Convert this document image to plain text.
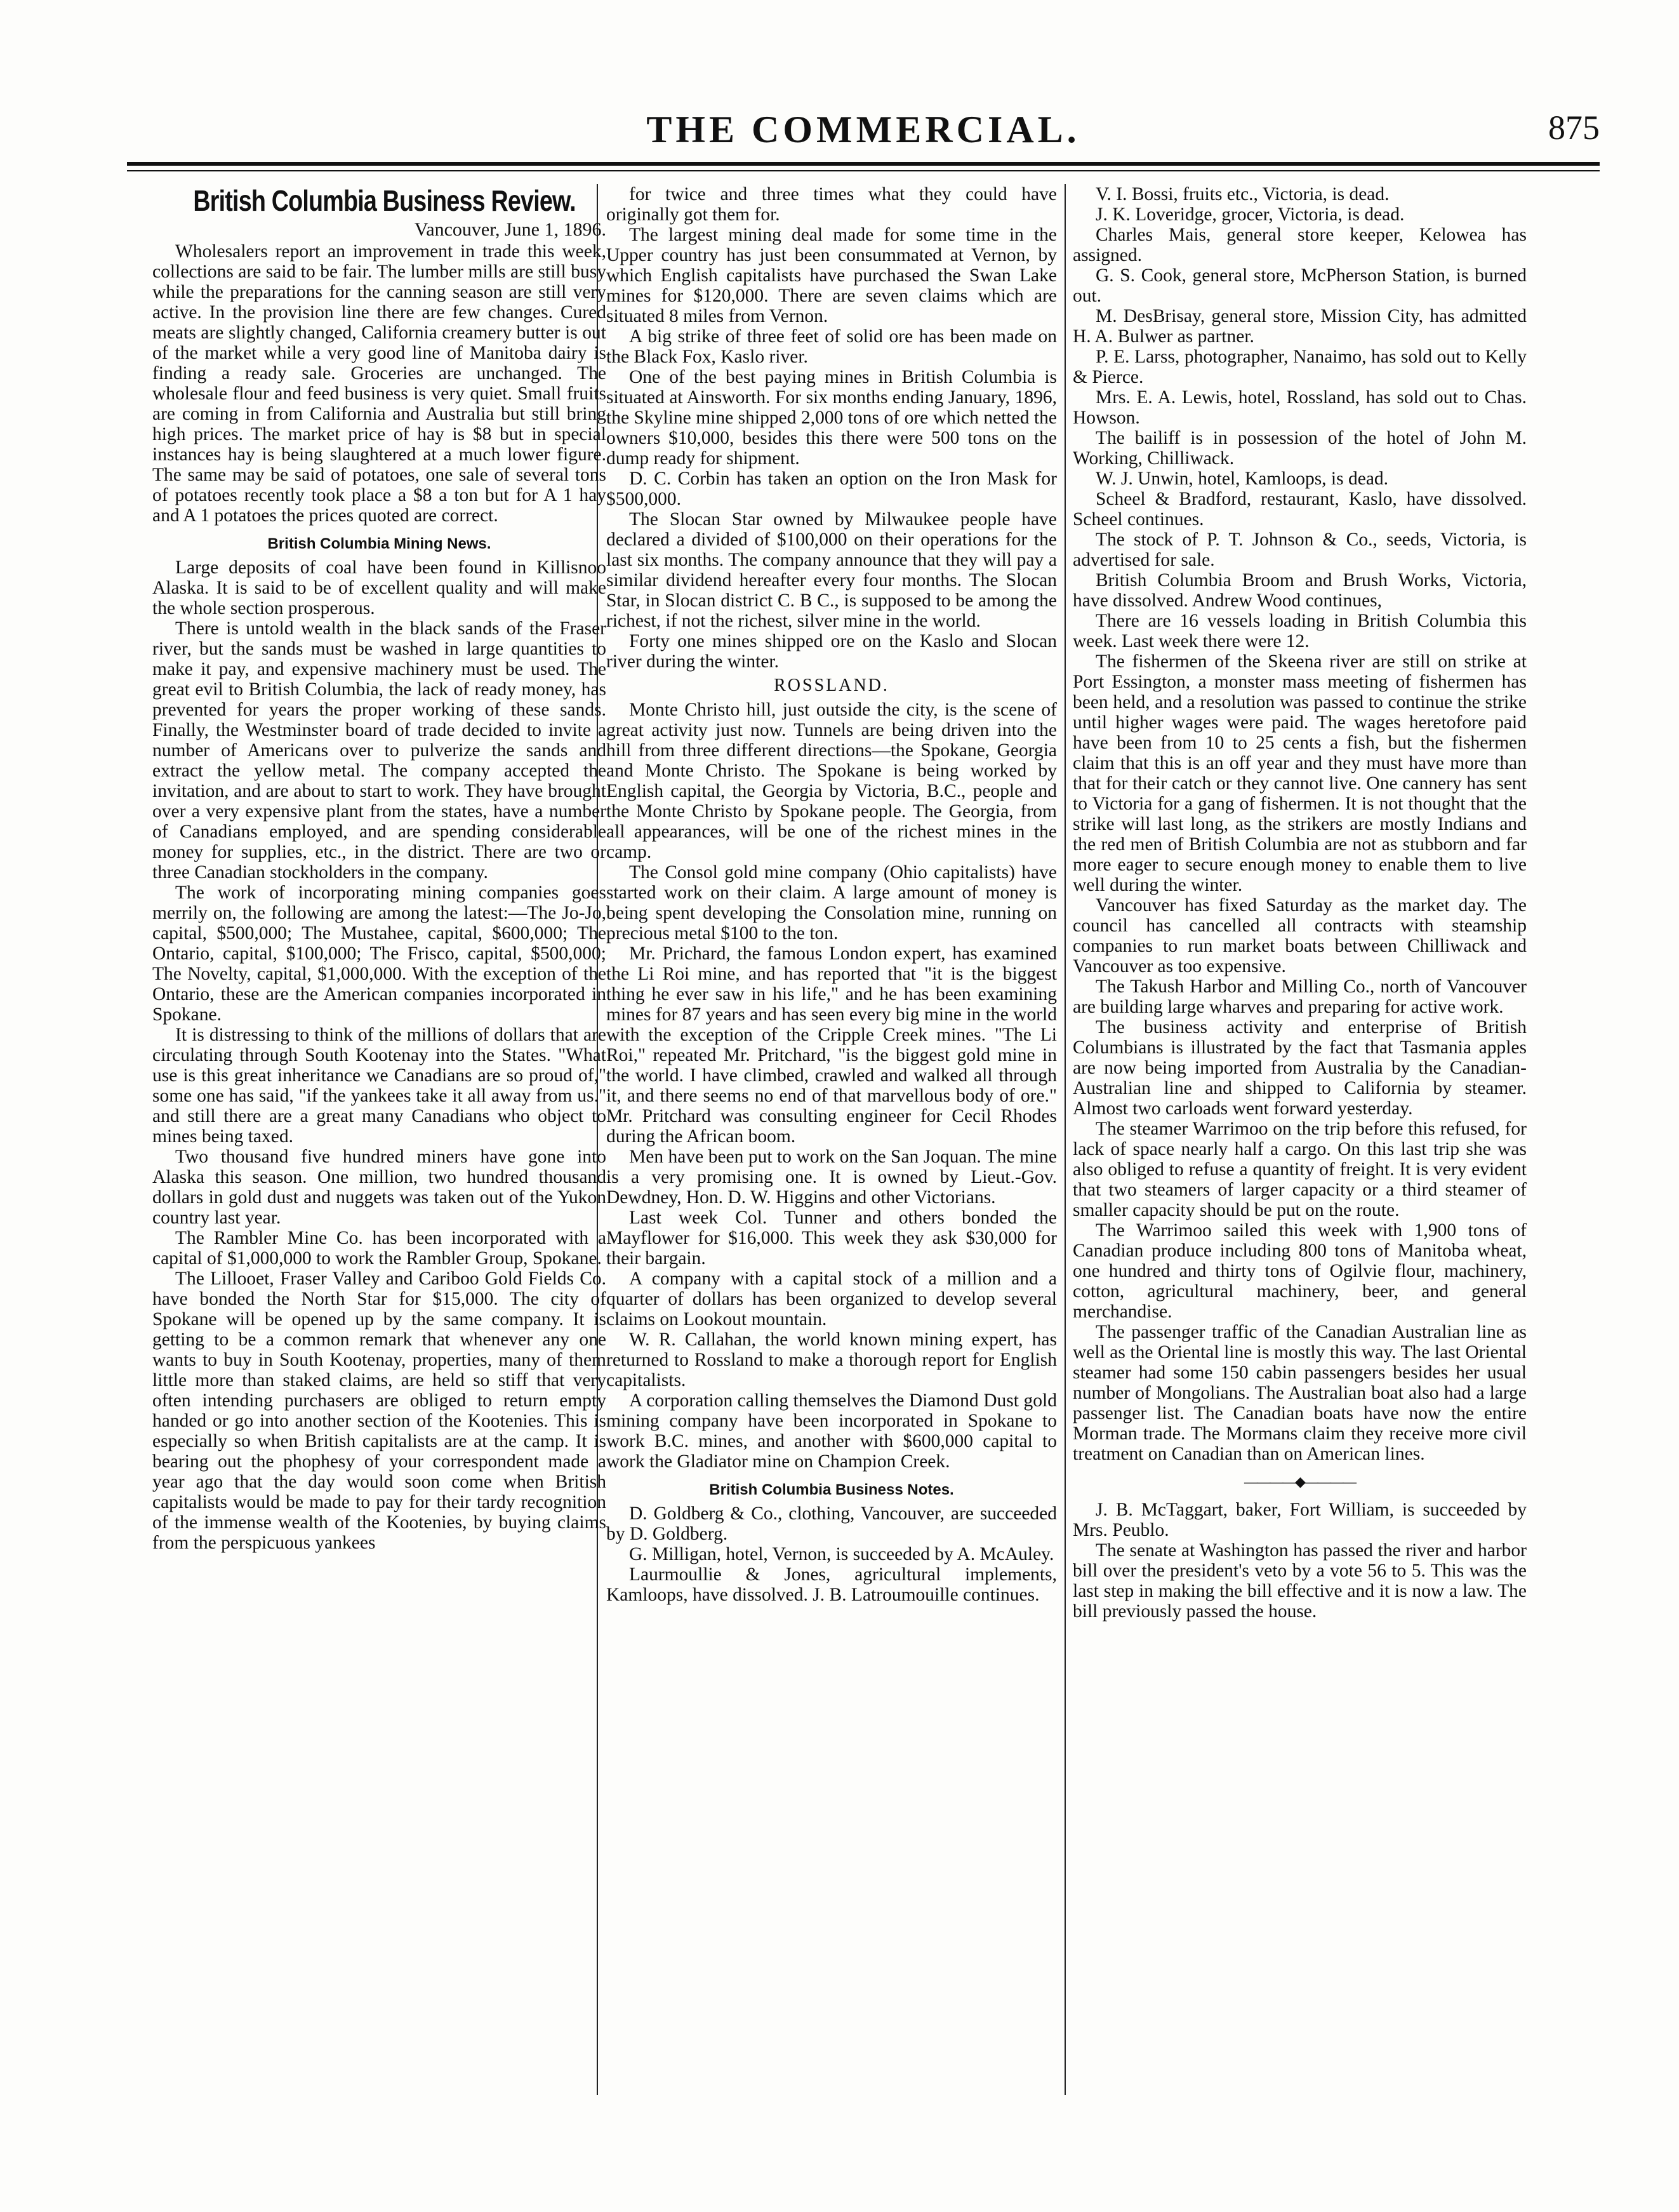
THE COMMERCIAL.	875
British Columbia Business Review.
Vancouver, June 1, 1896.

Wholesalers report an improvement in trade this week, collections are said to be fair. The lumber mills are still busy while the preparations for the canning season are still very active. In the provision line there are few changes. Cured meats are slightly changed, California creamery butter is out of the market while a very good line of Manitoba dairy is finding a ready sale. Groceries are unchanged. The wholesale flour and feed business is very quiet. Small fruits are coming in from California and Australia but still bring high prices. The market price of hay is $8 but in special instances hay is being slaughtered at a much lower figure. The same may be said of potatoes, one sale of several tons of potatoes recently took place a $8 a ton but for A 1 hay and A 1 potatoes the prices quoted are correct.

British Columbia Mining News.

Large deposits of coal have been found in Killisnoo Alaska. It is said to be of excellent quality and will make the whole section prosperous.

There is untold wealth in the black sands of the Fraser river, but the sands must be washed in large quantities to make it pay, and expensive machinery must be used. The great evil to British Columbia, the lack of ready money, has prevented for years the proper working of these sands. Finally, the Westminster board of trade decided to invite a number of Americans over to pulverize the sands and extract the yellow metal. The company accepted the invitation, and are about to start to work. They have brought over a very expensive plant from the states, have a number of Canadians employed, and are spending considerable money for supplies, etc., in the district. There are two or three Canadian stockholders in the company.

The work of incorporating mining companies goes merrily on, the following are among the latest:—The Jo-Jo, capital, $500,000; The Mustahee, capital, $600,000; The Ontario, capital, $100,000; The Frisco, capital, $500,000; The Novelty, capital, $1,000,000. With the exception of the Ontario, these are the American companies incorporated in Spokane.

It is distressing to think of the millions of dollars that are circulating through South Kootenay into the States. "What use is this great inheritance we Canadians are so proud of," some one has said, "if the yankees take it all away from us." and still there are a great many Canadians who object to mines being taxed.

Two thousand five hundred miners have gone into Alaska this season. One million, two hundred thousand dollars in gold dust and nuggets was taken out of the Yukon country last year.

The Rambler Mine Co. has been incorporated with a capital of $1,000,000 to work the Rambler Group, Spokane.

The Lillooet, Fraser Valley and Cariboo Gold Fields Co. have bonded the North Star for $15,000. The city of Spokane will be opened up by the same company. It is getting to be a common remark that whenever any one wants to buy in South Kootenay, properties, many of them little more than staked claims, are held so stiff that very often intending purchasers are obliged to return empty handed or go into another section of the Kootenies. This is especially so when British capitalists are at the camp. It is bearing out the phophesy of your correspondent made a year ago that the day would soon come when British capitalists would be made to pay for their tardy recognition of the immense wealth of the Kootenies, by buying claims from the perspicuous yankees

for twice and three times what they could have originally got them for.

The largest mining deal made for some time in the Upper country has just been consummated at Vernon, by which English capitalists have purchased the Swan Lake mines for $120,000. There are seven claims which are situated 8 miles from Vernon.

A big strike of three feet of solid ore has been made on the Black Fox, Kaslo river.

One of the best paying mines in British Columbia is situated at Ainsworth. For six months ending January, 1896, the Skyline mine shipped 2,000 tons of ore which netted the owners $10,000, besides this there were 500 tons on the dump ready for shipment.

D. C. Corbin has taken an option on the Iron Mask for $500,000.

The Slocan Star owned by Milwaukee people have declared a divided of $100,000 on their operations for the last six months. The company announce that they will pay a similar dividend hereafter every four months. The Slocan Star, in Slocan district C. B C., is supposed to be among the richest, if not the richest, silver mine in the world.

Forty one mines shipped ore on the Kaslo and Slocan river during the winter.

ROSSLAND.

Monte Christo hill, just outside the city, is the scene of great activity just now. Tunnels are being driven into the hill from three different directions—the Spokane, Georgia and Monte Christo. The Spokane is being worked by English capital, the Georgia by Victoria, B.C., people and the Monte Christo by Spokane people. The Georgia, from all appearances, will be one of the richest mines in the camp.

The Consol gold mine company (Ohio capitalists) have started work on their claim. A large amount of money is being spent developing the Consolation mine, running on precious metal $100 to the ton.

Mr. Prichard, the famous London expert, has examined the Li Roi mine, and has reported that "it is the biggest thing he ever saw in his life," and he has been examining mines for 87 years and has seen every big mine in the world with the exception of the Cripple Creek mines. "The Li Roi," repeated Mr. Pritchard, "is the biggest gold mine in the world. I have climbed, crawled and walked all through it, and there seems no end of that marvellous body of ore." Mr. Pritchard was consulting engineer for Cecil Rhodes during the African boom.

Men have been put to work on the San Joquan. The mine is a very promising one. It is owned by Lieut.-Gov. Dewdney, Hon. D. W. Higgins and other Victorians.

Last week Col. Tunner and others bonded the Mayflower for $16,000. This week they ask $30,000 for their bargain.

A company with a capital stock of a million and a quarter of dollars has been organized to develop several claims on Lookout mountain.

W. R. Callahan, the world known mining expert, has returned to Rossland to make a thorough report for English capitalists.

A corporation calling themselves the Diamond Dust gold mining company have been incorporated in Spokane to work B.C. mines, and another with $600,000 capital to work the Gladiator mine on Champion Creek.

British Columbia Business Notes.

D. Goldberg & Co., clothing, Vancouver, are succeeded by D. Goldberg.

G. Milligan, hotel, Vernon, is succeeded by A. McAuley.

Laurmoullie & Jones, agricultural implements, Kamloops, have dissolved. J. B. Latroumouille continues.

V. I. Bossi, fruits etc., Victoria, is dead.

J. K. Loveridge, grocer, Victoria, is dead.

Charles Mais, general store keeper, Kelowea has assigned.

G. S. Cook, general store, McPherson Station, is burned out.

M. DesBrisay, general store, Mission City, has admitted H. A. Bulwer as partner.

P. E. Larss, photographer, Nanaimo, has sold out to Kelly & Pierce.

Mrs. E. A. Lewis, hotel, Rossland, has sold out to Chas. Howson.

The bailiff is in possession of the hotel of John M. Working, Chilliwack.

W. J. Unwin, hotel, Kamloops, is dead.

Scheel & Bradford, restaurant, Kaslo, have dissolved. Scheel continues.

The stock of P. T. Johnson & Co., seeds, Victoria, is advertised for sale.

British Columbia Broom and Brush Works, Victoria, have dissolved. Andrew Wood continues,

There are 16 vessels loading in British Columbia this week. Last week there were 12.

The fishermen of the Skeena river are still on strike at Port Essington, a monster mass meeting of fishermen has been held, and a resolution was passed to continue the strike until higher wages were paid. The wages heretofore paid have been from 10 to 25 cents a fish, but the fishermen claim that this is an off year and they must have more than that for their catch or they cannot live. One cannery has sent to Victoria for a gang of fishermen. It is not thought that the strike will last long, as the strikers are mostly Indians and the red men of British Columbia are not as stubborn and far more eager to secure enough money to enable them to live well during the winter.

Vancouver has fixed Saturday as the market day. The council has cancelled all contracts with steamship companies to run market boats between Chilliwack and Vancouver as too expensive.

The Takush Harbor and Milling Co., north of Vancouver are building large wharves and preparing for active work.

The business activity and enterprise of British Columbians is illustrated by the fact that Tasmania apples are now being imported from Australia by the Canadian-Australian line and shipped to California by steamer. Almost two carloads went forward yesterday.

The steamer Warrimoo on the trip before this refused, for lack of space nearly half a cargo. On this last trip she was also obliged to refuse a quantity of freight. It is very evident that two steamers of larger capacity or a third steamer of smaller capacity should be put on the route.

The Warrimoo sailed this week with 1,900 tons of Canadian produce including 800 tons of Manitoba wheat, one hundred and thirty tons of Ogilvie flour, machinery, cotton, agricultural machinery, beer, and general merchandise.

The passenger traffic of the Canadian Australian line as well as the Oriental line is mostly this way. The last Oriental steamer had some 150 cabin passengers besides her usual number of Mongolians. The Australian boat also had a large passenger list. The Canadian boats have now the entire Morman trade. The Mormans claim they receive more civil treatment on Canadian than on American lines.

————◆————

J. B. McTaggart, baker, Fort William, is succeeded by Mrs. Peublo.

The senate at Washington has passed the river and harbor bill over the president's veto by a vote 56 to 5. This was the last step in making the bill effective and it is now a law. The bill previously passed the house.
